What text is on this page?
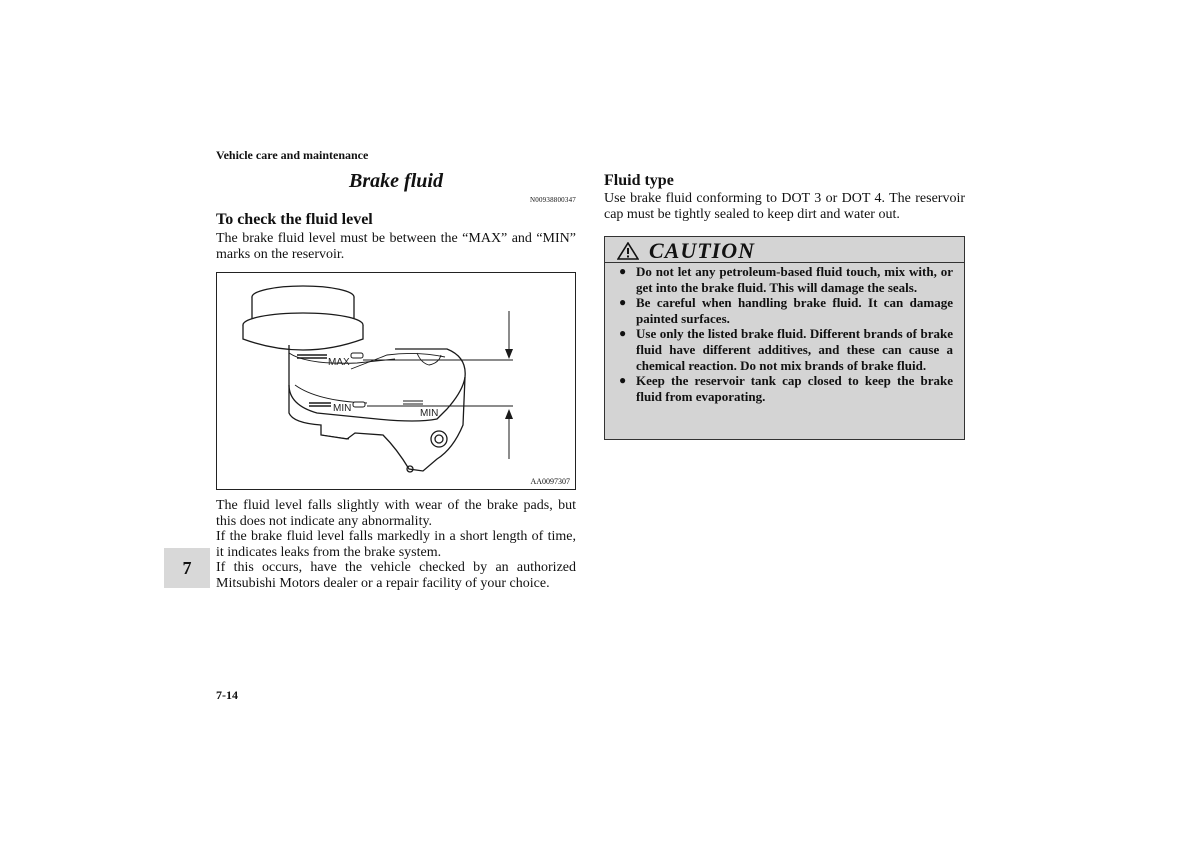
Vehicle care and maintenance
Brake fluid
N00938800347
To check the fluid level
The brake fluid level must be between the “MAX” and “MIN” marks on the reservoir.
MAX
MIN	MIN
AA0097307
The fluid level falls slightly with wear of the brake pads, but this does not indicate any abnormality.
If the brake fluid level falls markedly in a short length of time, it indicates leaks from the brake system.
If this occurs, have the vehicle checked by an authorized Mitsubishi Motors dealer or a repair facility of your choice.
7
7-14
Fluid type
Use brake fluid conforming to DOT 3 or DOT 4. The reservoir cap must be tightly sealed to keep dirt and water out.
CAUTION
● Do not let any petroleum-based fluid touch, mix with, or get into the brake fluid. This will damage the seals.
● Be careful when handling brake fluid. It can damage painted surfaces.
● Use only the listed brake fluid. Different brands of brake fluid have different additives, and these can cause a chemical reaction. Do not mix brands of brake fluid.
● Keep the reservoir tank cap closed to keep the brake fluid from evaporating.
